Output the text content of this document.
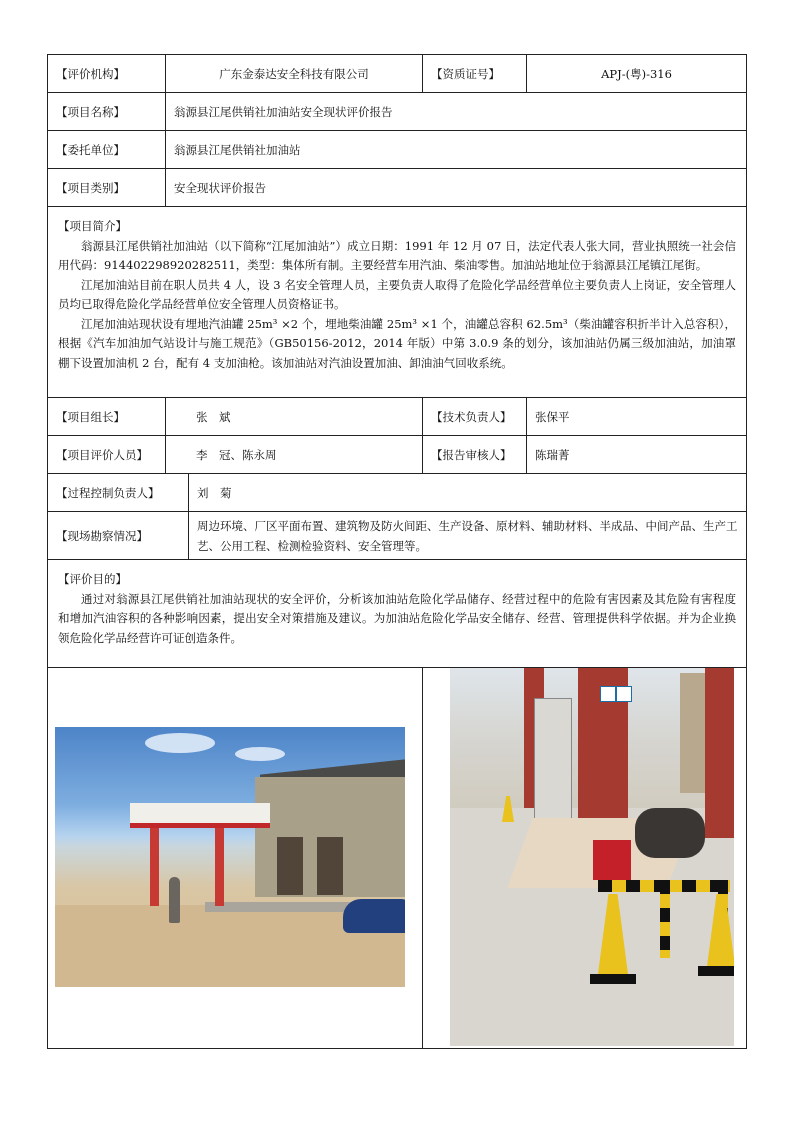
【评价机构】	广东金泰达安全科技有限公司		【资质证号】	APJ-(粤)-316
【项目名称】	翁源县江尾供销社加油站安全现状评价报告			
【委托单位】	翁源县江尾供销社加油站			
【项目类别】	安全现状评价报告			

【项目简介】

翁源县江尾供销社加油站（以下简称“江尾加油站”）成立日期：1991 年 12 月 07 日，法定代表人张大同，营业执照统一社会信用代码：914402298920282511，类型：集体所有制。主要经营车用汽油、柴油零售。加油站地址位于翁源县江尾镇江尾街。

江尾加油站目前在职人员共 4 人，设 3 名安全管理人员，主要负责人取得了危险化学品经营单位主要负责人上岗证，安全管理人员均已取得危险化学品经营单位安全管理人员资格证书。

江尾加油站现状设有埋地汽油罐 25m³ ×2 个，埋地柴油罐 25m³ ×1 个，油罐总容积 62.5m³（柴油罐容积折半计入总容积），根据《汽车加油加气站设计与施工规范》（GB50156-2012，2014 年版）中第 3.0.9 条的划分，该加油站仍属三级加油站，加油罩棚下设置加油机 2 台，配有 4 支加油枪。该加油站对汽油设置加油、卸油油气回收系统。				

【项目组长】	张　斌		【技术负责人】	张保平
【项目评价人员】	李　冠、陈永周		【报告审核人】	陈瑞菁
【过程控制负责人】		刘　菊		
【现场勘察情况】		周边环境、厂区平面布置、建筑物及防火间距、生产设备、原材料、辅助材料、半成品、中间产品、生产工艺、公用工程、检测检验资料、安全管理等。		

【评价目的】

通过对翁源县江尾供销社加油站现状的安全评价，分析该加油站危险化学品储存、经营过程中的危险有害因素及其危险有害程度和增加汽油容积的各种影响因素，提出安全对策措施及建议。为加油站危险化学品安全储存、经营、管理提供科学依据。并为企业换领危险化学品经营许可证创造条件。				
